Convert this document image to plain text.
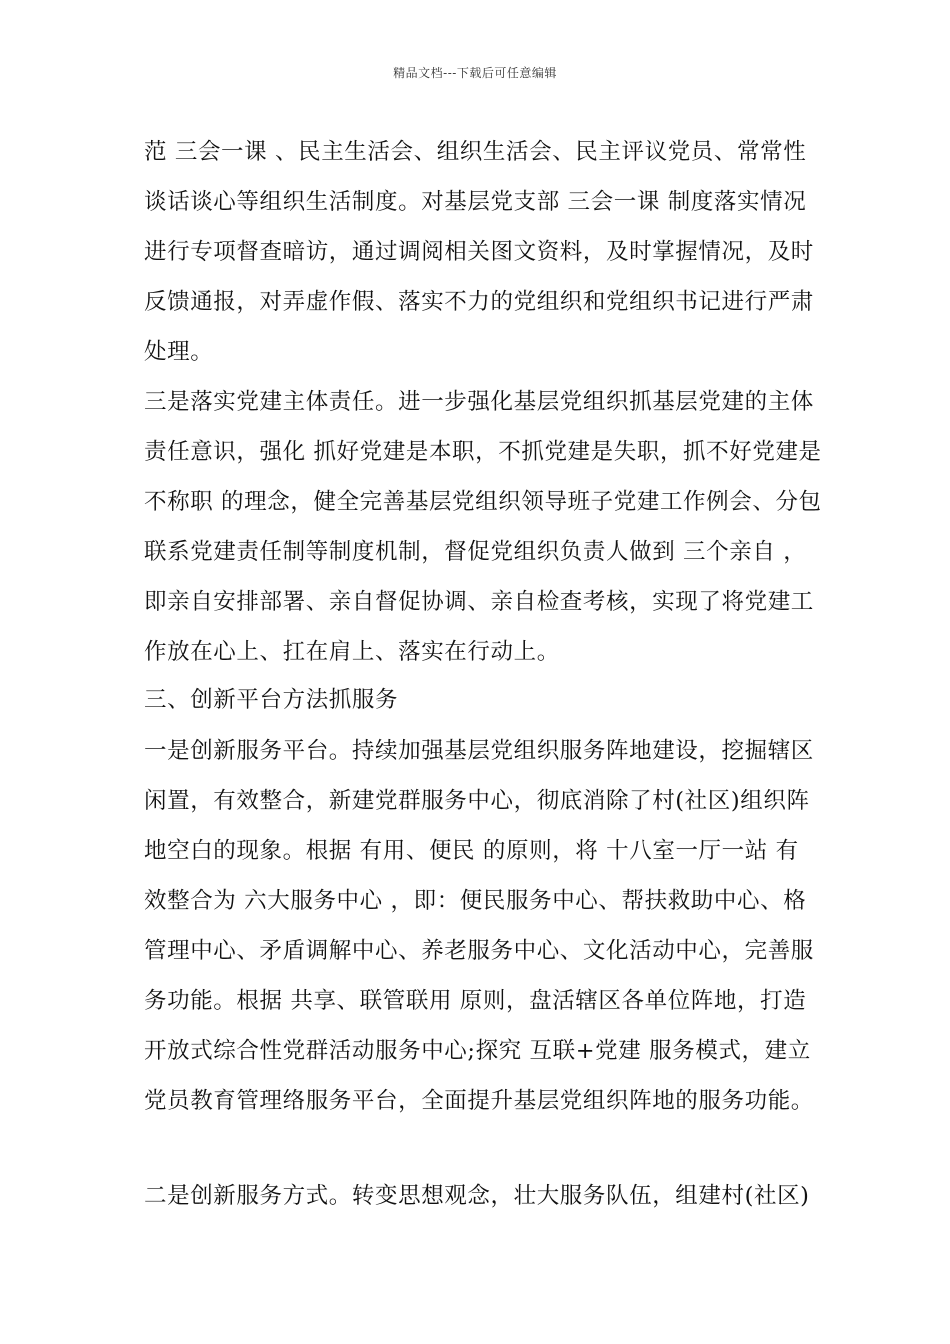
精品文档---下载后可任意编辑
范 三会一课 、民主生活会、组织生活会、民主评议党员、常常性
谈话谈心等组织生活制度。对基层党支部 三会一课 制度落实情况
进行专项督查暗访，通过调阅相关图文资料，及时掌握情况，及时
反馈通报，对弄虚作假、落实不力的党组织和党组织书记进行严肃
处理。
三是落实党建主体责任。进一步强化基层党组织抓基层党建的主体
责任意识，强化 抓好党建是本职，不抓党建是失职，抓不好党建是
不称职 的理念，健全完善基层党组织领导班子党建工作例会、分包
联系党建责任制等制度机制，督促党组织负责人做到 三个亲自 ，
即亲自安排部署、亲自督促协调、亲自检查考核，实现了将党建工
作放在心上、扛在肩上、落实在行动上。
三、创新平台方法抓服务
一是创新服务平台。持续加强基层党组织服务阵地建设，挖掘辖区
闲置，有效整合，新建党群服务中心，彻底消除了村(社区)组织阵
地空白的现象。根据 有用、便民 的原则，将 十八室一厅一站 有
效整合为 六大服务中心 ，即：便民服务中心、帮扶救助中心、格
管理中心、矛盾调解中心、养老服务中心、文化活动中心，完善服
务功能。根据 共享、联管联用 原则，盘活辖区各单位阵地，打造
开放式综合性党群活动服务中心;探究 互联+党建 服务模式，建立
党员教育管理络服务平台，全面提升基层党组织阵地的服务功能。
二是创新服务方式。转变思想观念，壮大服务队伍，组建村(社区)
